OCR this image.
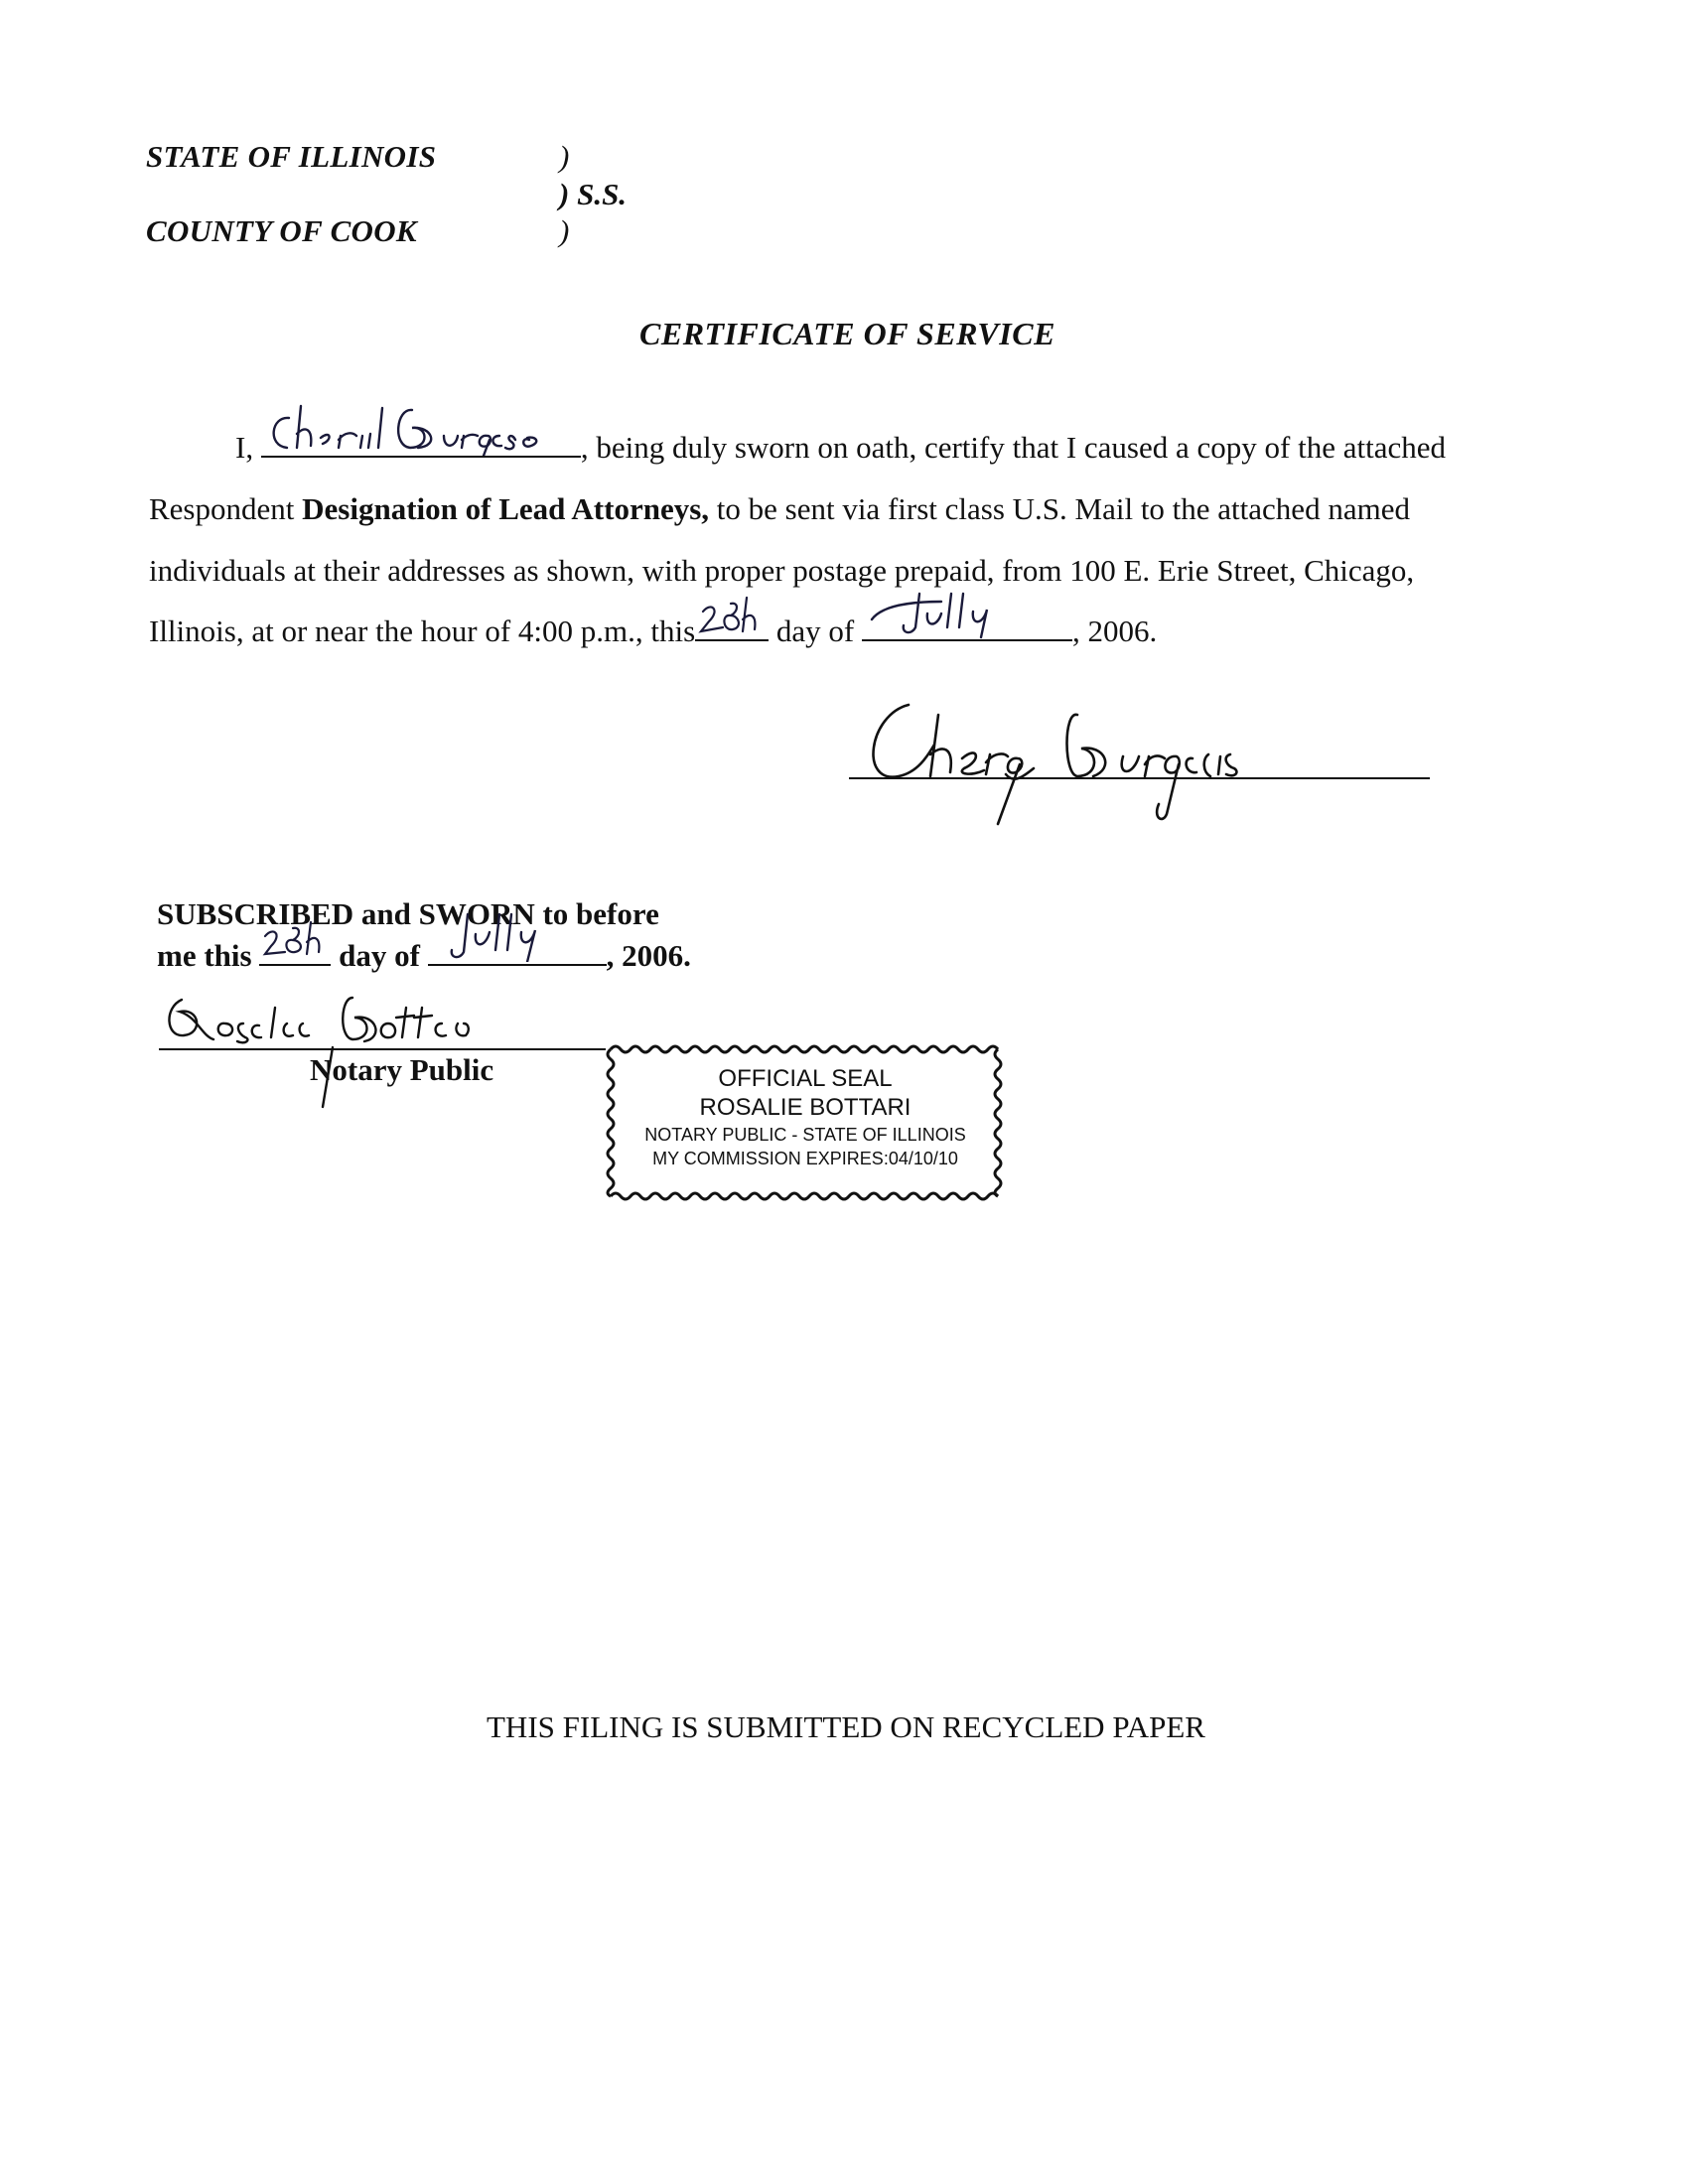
STATE OF ILLINOIS	)
) S.S.
COUNTY OF COOK	)
CERTIFICATE OF SERVICE
I,	, being duly sworn on oath, certify that I caused a copy of the attached
Respondent Designation of Lead Attorneys, to be sent via first class U.S. Mail to the attached named
individuals at their addresses as shown, with proper postage prepaid, from 100 E. Erie Street, Chicago,
Illinois, at or near the hour of 4:00 p.m., this
day of	, 2006.
SUBSCRIBED and SWORN to before
me this	day of	, 2006.
Notary Public	OFFICIAL SEAL
ROSALIE BOTTARI
NOTARY PUBLIC - STATE OF ILLINOIS
MY COMMISSION EXPIRES:04/10/10
THIS FILING IS SUBMITTED ON RECYCLED PAPER
